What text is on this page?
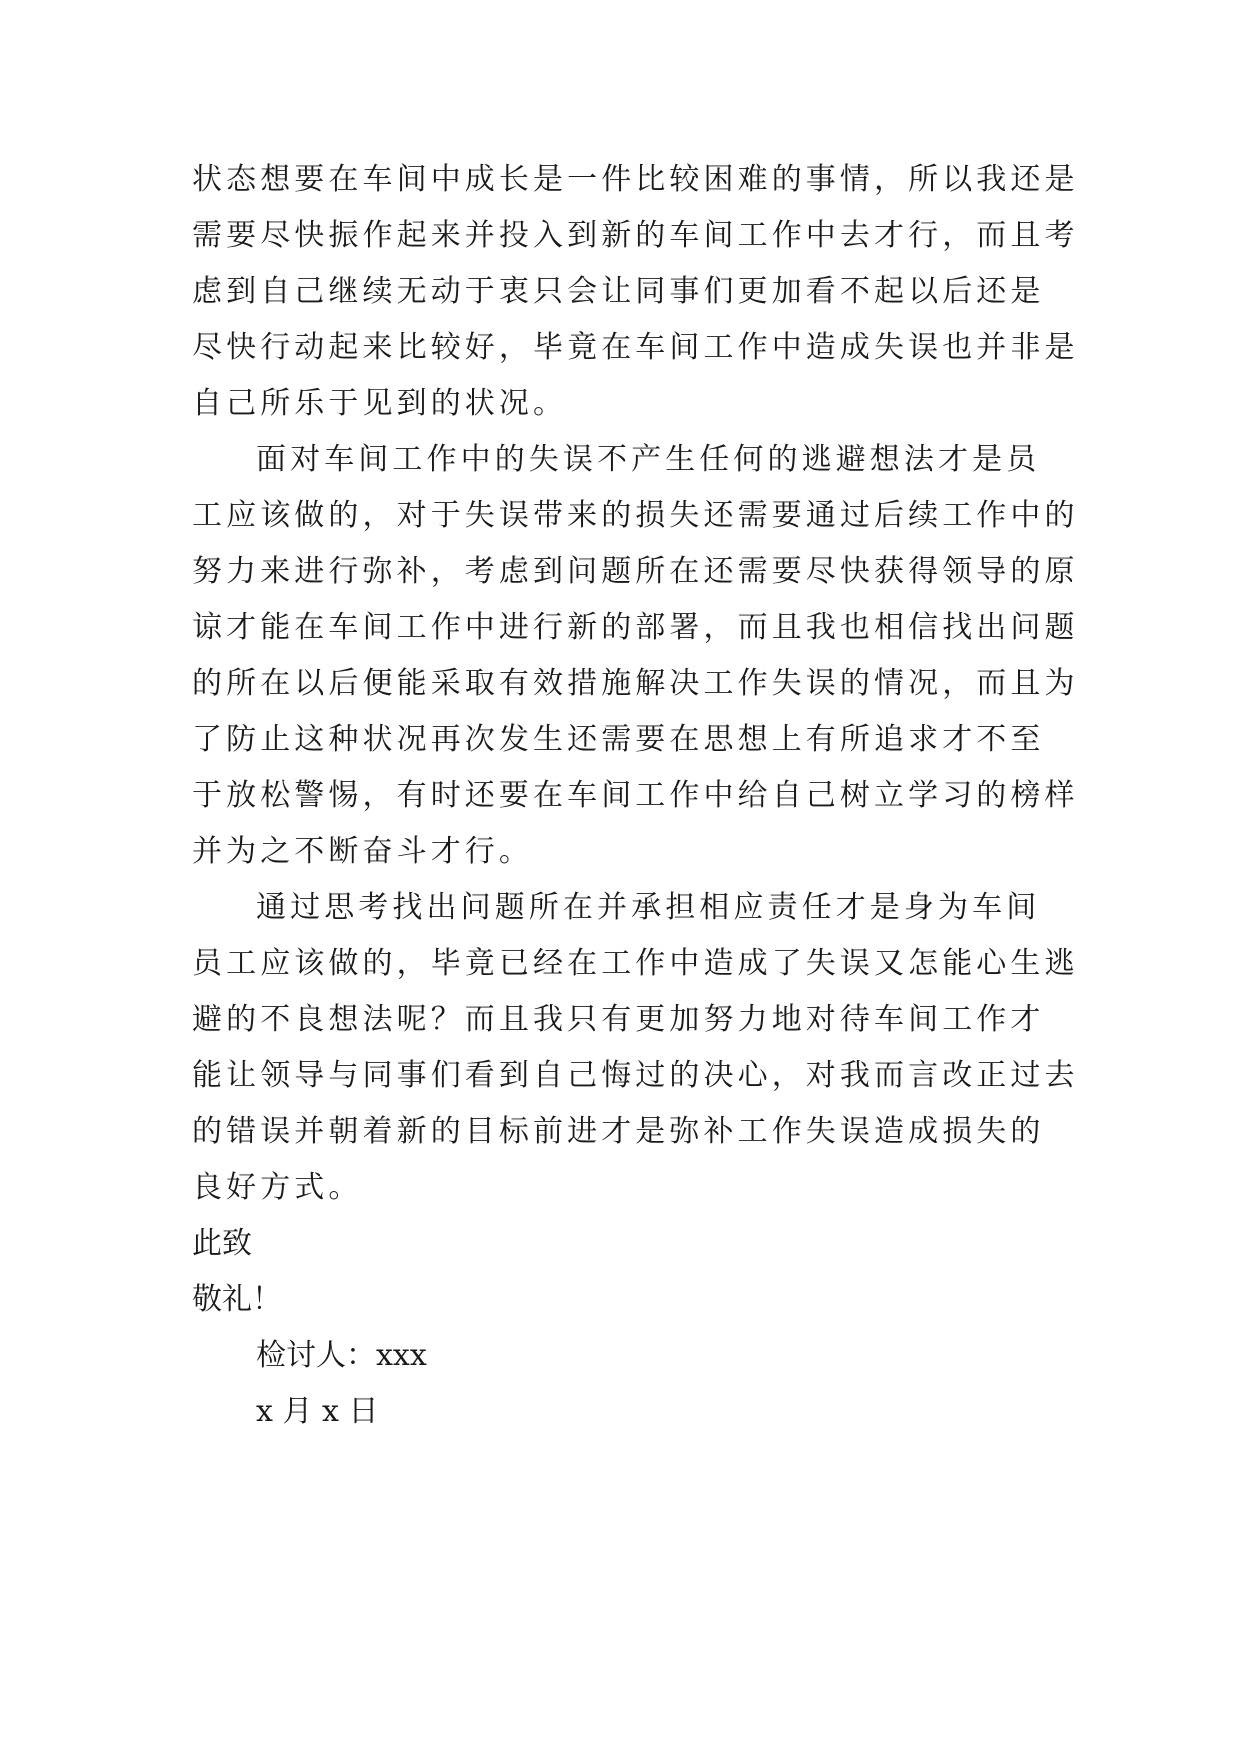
状态想要在车间中成长是一件比较困难的事情，所以我还是
需要尽快振作起来并投入到新的车间工作中去才行，而且考
虑到自己继续无动于衷只会让同事们更加看不起以后还是
尽快行动起来比较好，毕竟在车间工作中造成失误也并非是
自己所乐于见到的状况。
面对车间工作中的失误不产生任何的逃避想法才是员
工应该做的，对于失误带来的损失还需要通过后续工作中的
努力来进行弥补，考虑到问题所在还需要尽快获得领导的原
谅才能在车间工作中进行新的部署，而且我也相信找出问题
的所在以后便能采取有效措施解决工作失误的情况，而且为
了防止这种状况再次发生还需要在思想上有所追求才不至
于放松警惕，有时还要在车间工作中给自己树立学习的榜样
并为之不断奋斗才行。
通过思考找出问题所在并承担相应责任才是身为车间
员工应该做的，毕竟已经在工作中造成了失误又怎能心生逃
避的不良想法呢？而且我只有更加努力地对待车间工作才
能让领导与同事们看到自己悔过的决心，对我而言改正过去
的错误并朝着新的目标前进才是弥补工作失误造成损失的
良好方式。
此致
敬礼！
检讨人：xxx
x 月 x 日
